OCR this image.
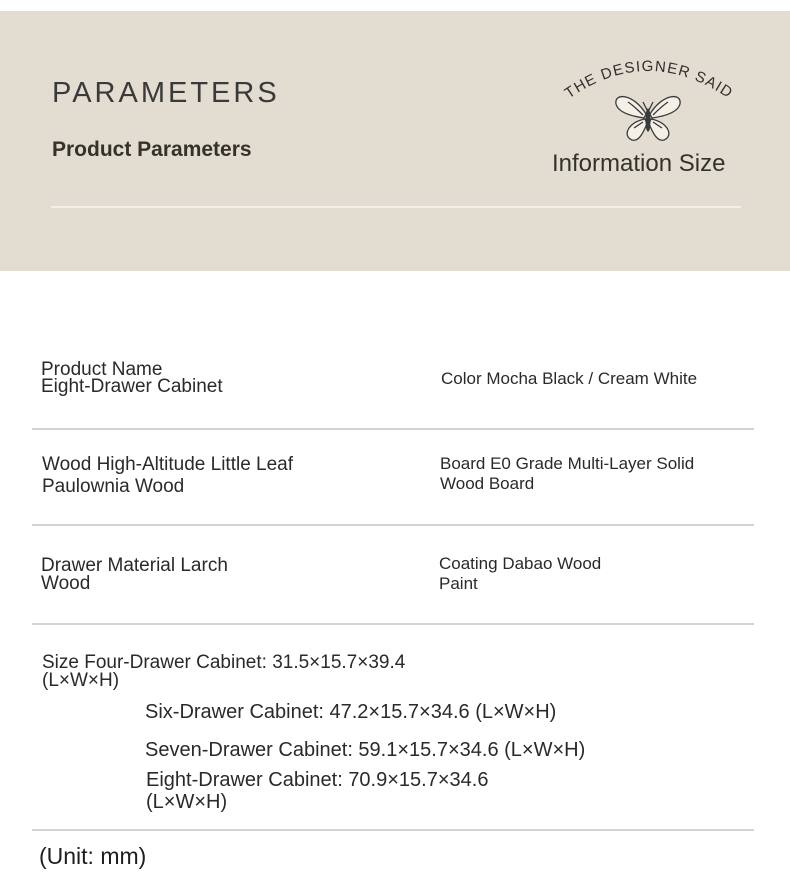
PARAMETERS
Product Parameters
THE DESIGNER SAID
Information Size
Product Name
Eight-Drawer Cabinet	Color Mocha Black / Cream White
Wood High-Altitude Little Leaf
Paulownia Wood
Board E0 Grade Multi-Layer Solid
Wood Board
Drawer Material Larch
Wood
Coating Dabao Wood
Paint
Size Four-Drawer Cabinet: 31.5×15.7×39.4
(L×W×H)
Six-Drawer Cabinet: 47.2×15.7×34.6 (L×W×H)
Seven-Drawer Cabinet: 59.1×15.7×34.6 (L×W×H)
Eight-Drawer Cabinet: 70.9×15.7×34.6
(L×W×H)
(Unit: mm)
